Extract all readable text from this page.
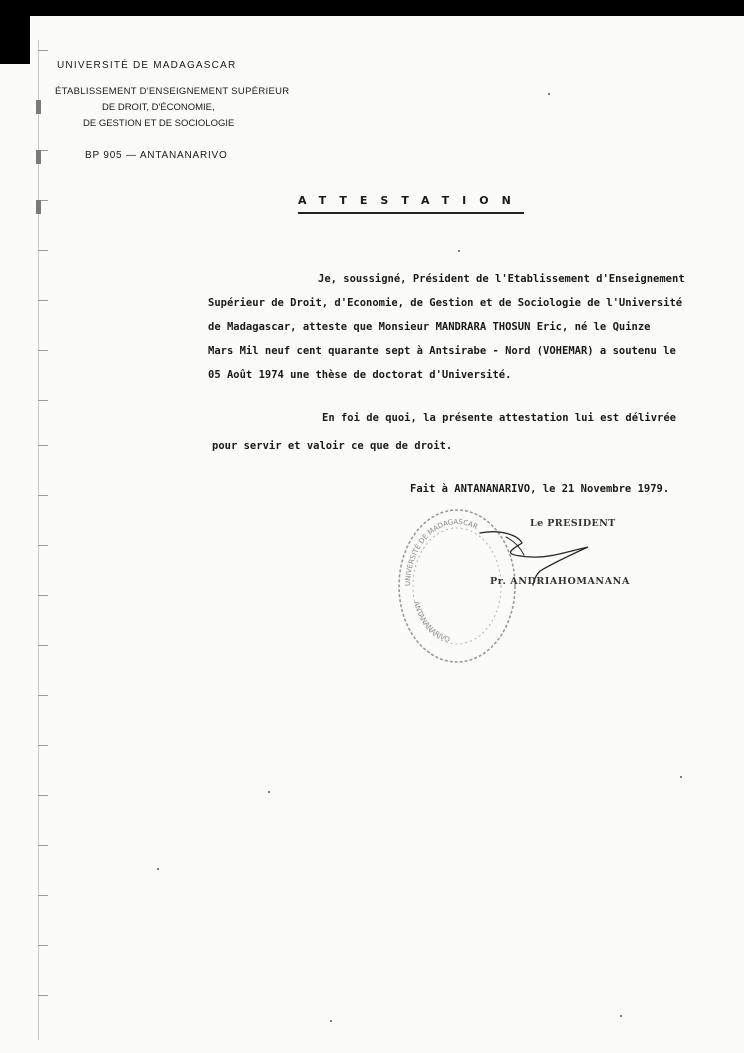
UNIVERSITÉ DE MADAGASCAR
ÉTABLISSEMENT D'ENSEIGNEMENT SUPÉRIEUR
DE DROIT, D'ÉCONOMIE,
DE GESTION ET DE SOCIOLOGIE
BP 905 — ANTANANARIVO
ATTESTATION
Je, soussigné, Président de l'Etablissement d'Enseignement
Supérieur de Droit, d'Economie, de Gestion et de Sociologie de l'Université
de Madagascar, atteste que Monsieur MANDRARA THOSUN Eric, né le Quinze
Mars Mil neuf cent quarante sept à Antsirabe - Nord (VOHEMAR) a soutenu le
05 Août 1974 une thèse de doctorat d'Université.
En foi de quoi, la présente attestation lui est délivrée
pour servir et valoir ce que de droit.
Fait à ANTANANARIVO, le 21 Novembre 1979.
UNIVERSITÉ DE MADAGASCAR
ANTANANARIVO
Le PRESIDENT
Pr. ANDRIAHOMANANA
